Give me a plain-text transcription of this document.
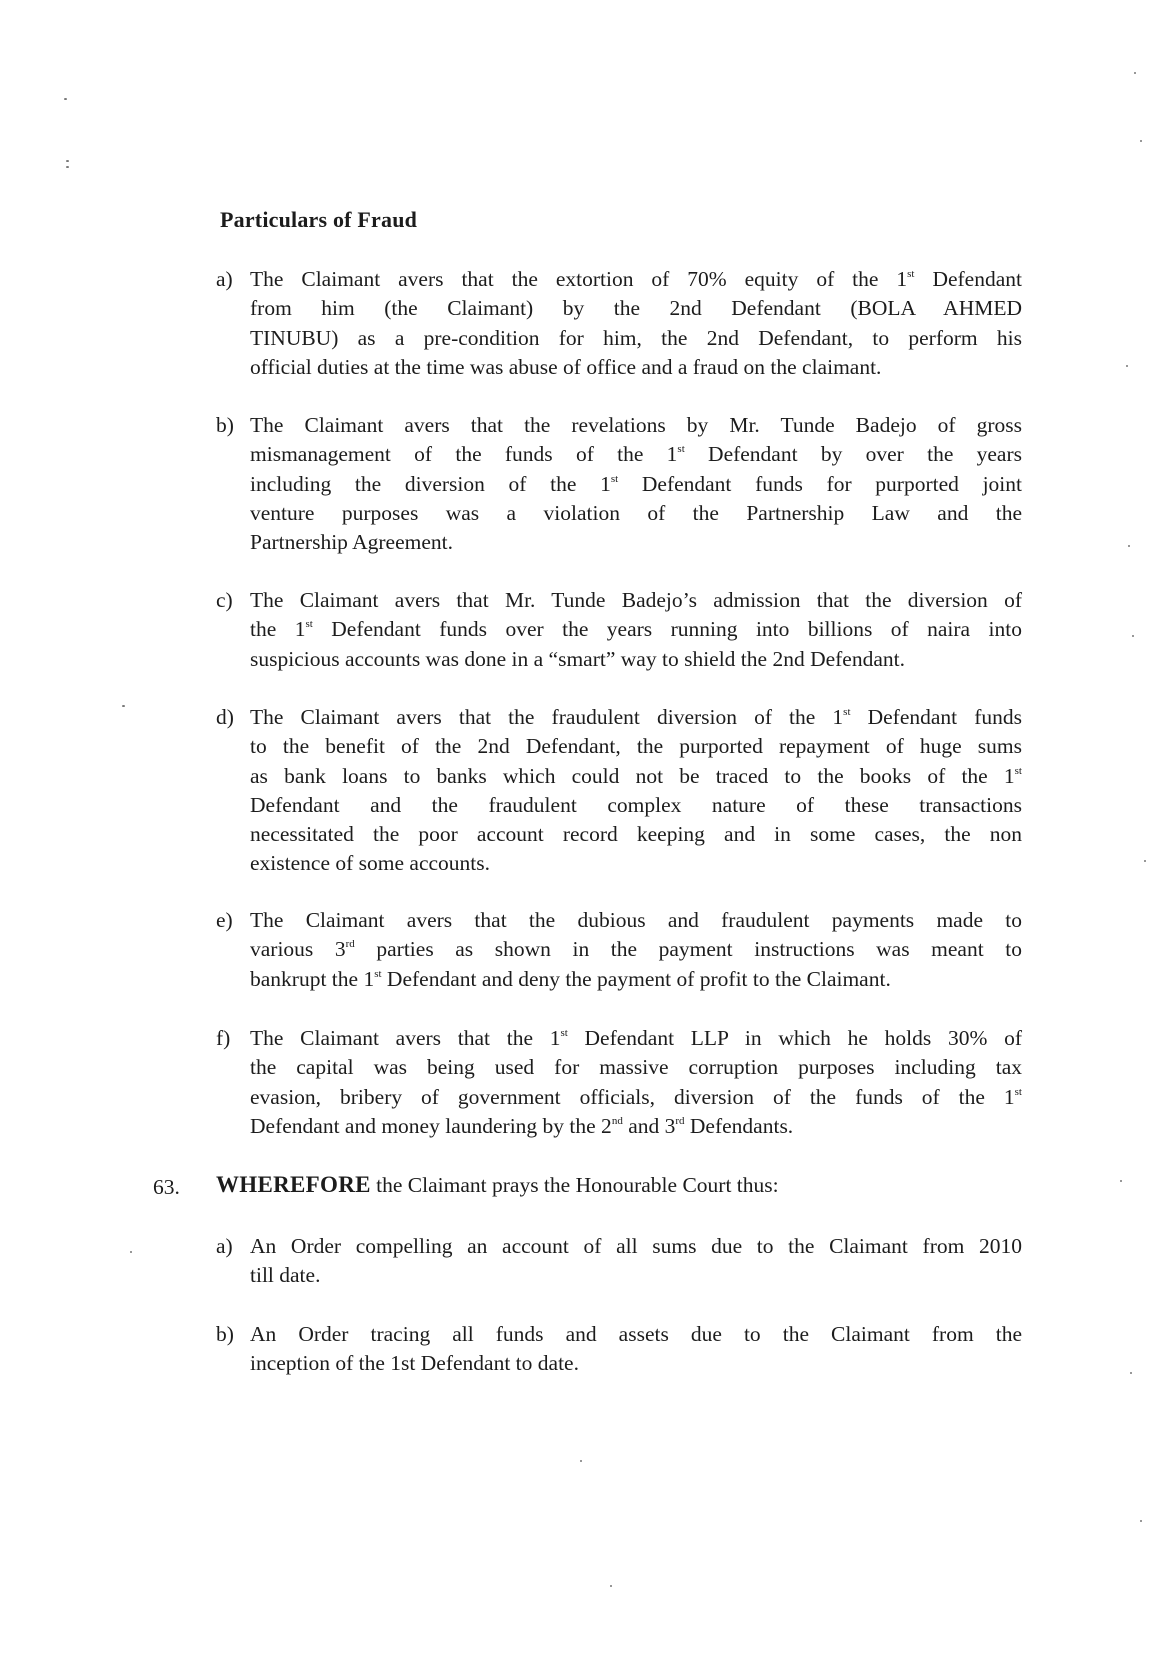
Particulars of Fraud
a) The Claimant avers that the extortion of 70% equity of the 1st Defendant
from him (the Claimant) by the 2nd Defendant (BOLA AHMED
TINUBU) as a pre-condition for him, the 2nd Defendant, to perform his
official duties at the time was abuse of office and a fraud on the claimant.
b) The Claimant avers that the revelations by Mr. Tunde Badejo of gross
mismanagement of the funds of the 1st Defendant by over the years
including the diversion of the 1st Defendant funds for purported joint
venture purposes was a violation of the Partnership Law and the
Partnership Agreement.
c) The Claimant avers that Mr. Tunde Badejo’s admission that the diversion of
the 1st Defendant funds over the years running into billions of naira into
suspicious accounts was done in a “smart” way to shield the 2nd Defendant.
d) The Claimant avers that the fraudulent diversion of the 1st Defendant funds
to the benefit of the 2nd Defendant, the purported repayment of huge sums
as bank loans to banks which could not be traced to the books of the 1st
Defendant and the fraudulent complex nature of these transactions
necessitated the poor account record keeping and in some cases, the non
existence of some accounts.
e) The Claimant avers that the dubious and fraudulent payments made to
various 3rd parties as shown in the payment instructions was meant to
bankrupt the 1st Defendant and deny the payment of profit to the Claimant.
f) The Claimant avers that the 1st Defendant LLP in which he holds 30% of
the capital was being used for massive corruption purposes including tax
evasion, bribery of government officials, diversion of the funds of the 1st
Defendant and money laundering by the 2nd and 3rd Defendants.
63. WHEREFORE the Claimant prays the Honourable Court thus:
a) An Order compelling an account of all sums due to the Claimant from 2010
till date.
b) An Order tracing all funds and assets due to the Claimant from the
inception of the 1st Defendant to date.
